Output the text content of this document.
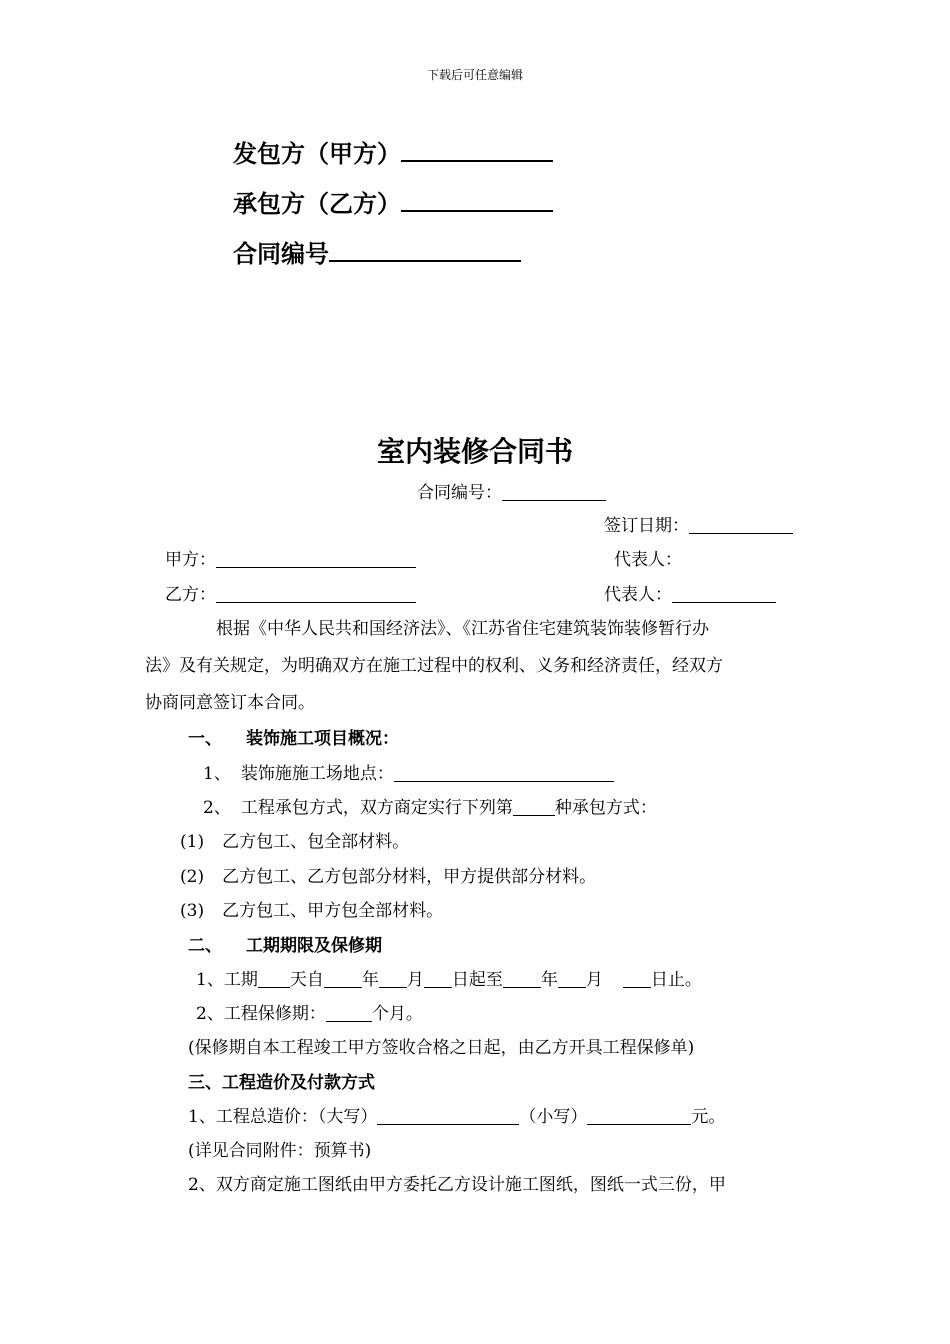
下载后可任意编辑
发包方（甲方）
承包方（乙方）
合同编号
室内装修合同书
合同编号：
签订日期：
甲方：	代表人：
乙方：	代表人：
根据《中华人民共和国经济法》、《江苏省住宅建筑装饰装修暂行办
法》及有关规定，为明确双方在施工过程中的权利、义务和经济责任，经双方
协商同意签订本合同。
一、 装饰施工项目概况：
1、 装饰施施工场地点：
2、 工程承包方式，双方商定实行下列第 种承包方式：
(1) 乙方包工、包全部材料。
(2) 乙方包工、乙方包部分材料，甲方提供部分材料。
(3) 乙方包工、甲方包全部材料。
二、 工期期限及保修期
1、工期 天自 年 月 日起至 年 月	日止。
2、工程保修期：	个月。
(保修期自本工程竣工甲方签收合格之日起，由乙方开具工程保修单)
三、工程造价及付款方式
1、工程总造价：（大写）	（小写）	元。
(详见合同附件：预算书)
2、双方商定施工图纸由甲方委托乙方设计施工图纸，图纸一式三份，甲
